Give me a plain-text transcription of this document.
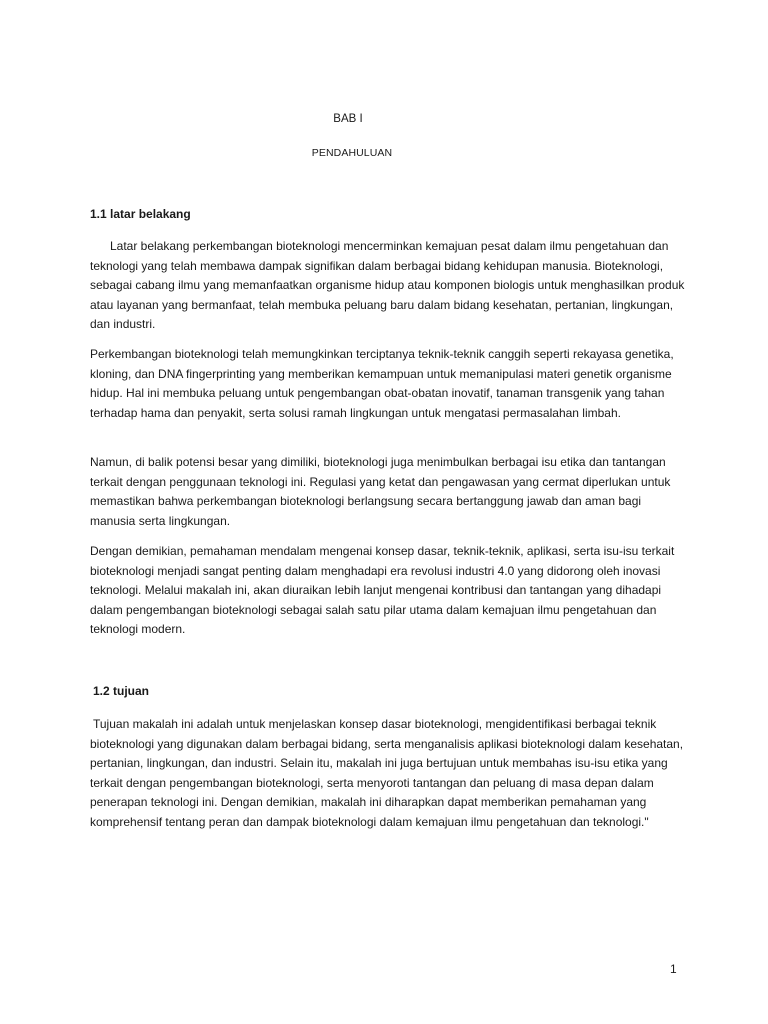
BAB I

PENDAHULUAN

1.1 latar belakang

Latar belakang perkembangan bioteknologi mencerminkan kemajuan pesat dalam ilmu pengetahuan dan teknologi yang telah membawa dampak signifikan dalam berbagai bidang kehidupan manusia. Bioteknologi, sebagai cabang ilmu yang memanfaatkan organisme hidup atau komponen biologis untuk menghasilkan produk atau layanan yang bermanfaat, telah membuka peluang baru dalam bidang kesehatan, pertanian, lingkungan, dan industri.

Perkembangan bioteknologi telah memungkinkan terciptanya teknik-teknik canggih seperti rekayasa genetika, kloning, dan DNA fingerprinting yang memberikan kemampuan untuk memanipulasi materi genetik organisme hidup. Hal ini membuka peluang untuk pengembangan obat-obatan inovatif, tanaman transgenik yang tahan terhadap hama dan penyakit, serta solusi ramah lingkungan untuk mengatasi permasalahan limbah.

Namun, di balik potensi besar yang dimiliki, bioteknologi juga menimbulkan berbagai isu etika dan tantangan terkait dengan penggunaan teknologi ini. Regulasi yang ketat dan pengawasan yang cermat diperlukan untuk memastikan bahwa perkembangan bioteknologi berlangsung secara bertanggung jawab dan aman bagi manusia serta lingkungan.

Dengan demikian, pemahaman mendalam mengenai konsep dasar, teknik-teknik, aplikasi, serta isu-isu terkait bioteknologi menjadi sangat penting dalam menghadapi era revolusi industri 4.0 yang didorong oleh inovasi teknologi. Melalui makalah ini, akan diuraikan lebih lanjut mengenai kontribusi dan tantangan yang dihadapi dalam pengembangan bioteknologi sebagai salah satu pilar utama dalam kemajuan ilmu pengetahuan dan teknologi modern.

1.2 tujuan

Tujuan makalah ini adalah untuk menjelaskan konsep dasar bioteknologi, mengidentifikasi berbagai teknik bioteknologi yang digunakan dalam berbagai bidang, serta menganalisis aplikasi bioteknologi dalam kesehatan, pertanian, lingkungan, dan industri. Selain itu, makalah ini juga bertujuan untuk membahas isu-isu etika yang terkait dengan pengembangan bioteknologi, serta menyoroti tantangan dan peluang di masa depan dalam penerapan teknologi ini. Dengan demikian, makalah ini diharapkan dapat memberikan pemahaman yang komprehensif tentang peran dan dampak bioteknologi dalam kemajuan ilmu pengetahuan dan teknologi."

1
